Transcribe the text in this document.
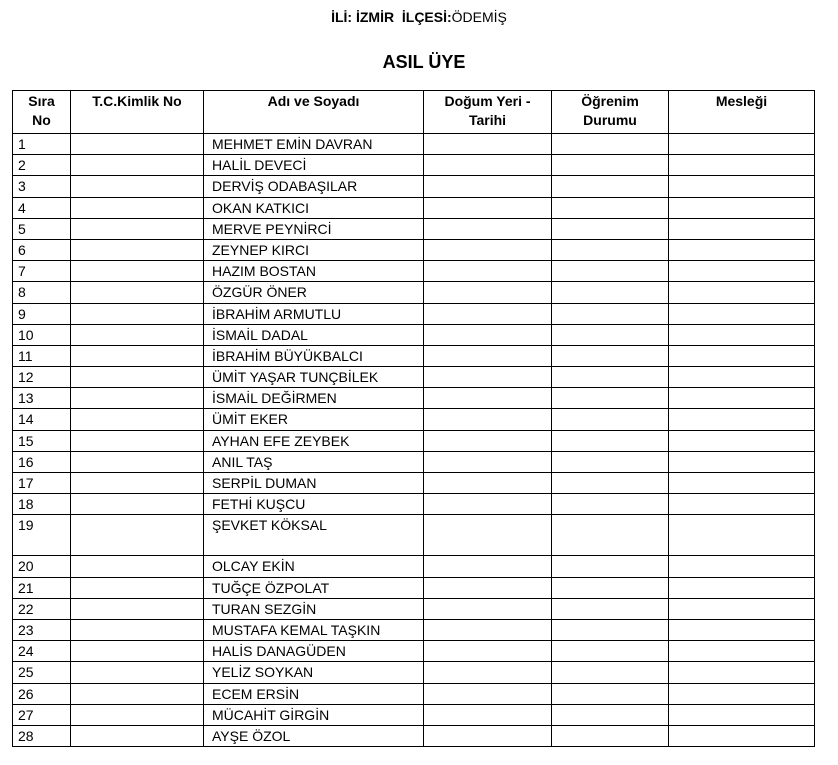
İLİ: İZMİR İLÇESİ:ÖDEMİŞ
ASIL ÜYE
Sıra No	T.C.Kimlik No	Adı ve Soyadı	Doğum Yeri - Tarihi	Öğrenim Durumu	Mesleği
1		MEHMET EMİN DAVRAN			
2		HALİL DEVECİ			
3		DERVİŞ ODABAŞILAR			
4		OKAN KATKICI			
5		MERVE PEYNİRCİ			
6		ZEYNEP KIRCI			
7		HAZIM BOSTAN			
8		ÖZGÜR ÖNER			
9		İBRAHİM ARMUTLU			
10		İSMAİL DADAL			
11		İBRAHİM BÜYÜKBALCI			
12		ÜMİT YAŞAR TUNÇBİLEK			
13		İSMAİL DEĞİRMEN			
14		ÜMİT EKER			
15		AYHAN EFE ZEYBEK			
16		ANIL TAŞ			
17		SERPİL DUMAN			
18		FETHİ KUŞCU			
19		ŞEVKET KÖKSAL			
20		OLCAY EKİN			
21		TUĞÇE ÖZPOLAT			
22		TURAN SEZGİN			
23		MUSTAFA KEMAL TAŞKIN			
24		HALİS DANAGÜDEN			
25		YELİZ SOYKAN			
26		ECEM ERSİN			
27		MÜCAHİT GİRGİN			
28		AYŞE ÖZOL			
